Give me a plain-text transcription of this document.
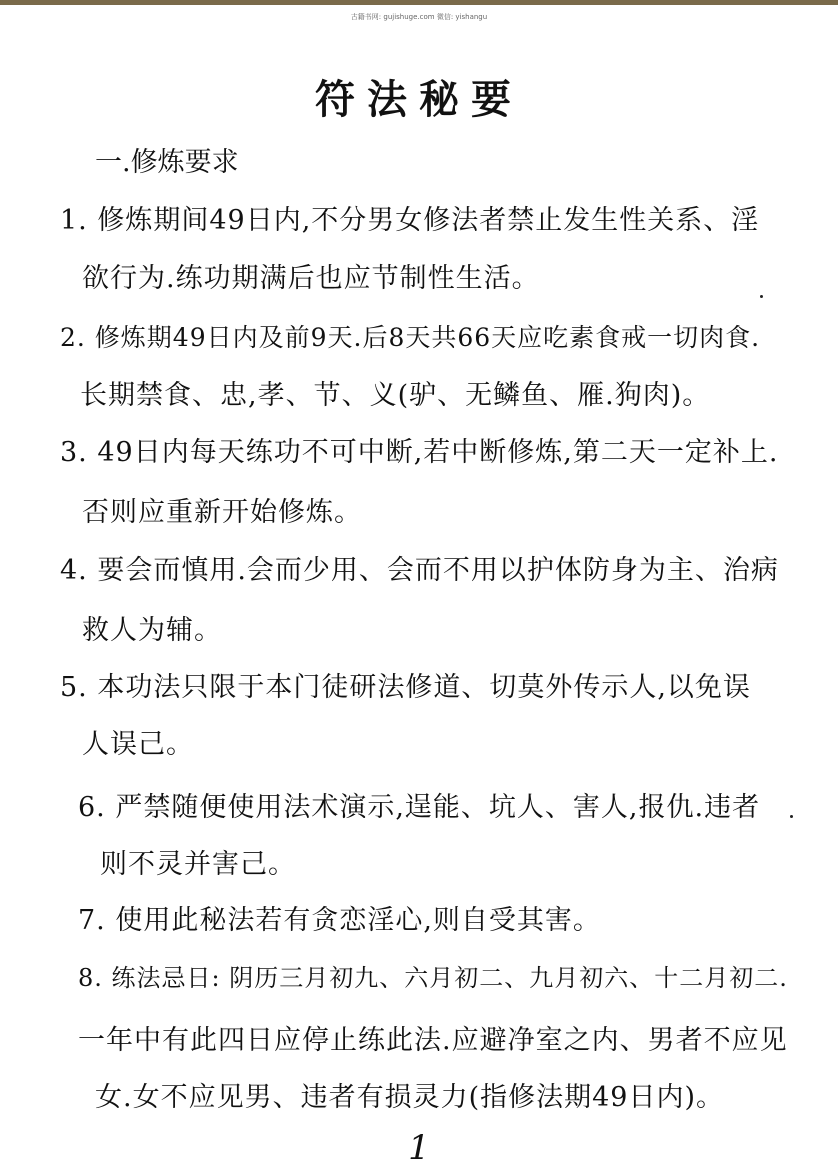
古籍书网: gujishuge.com 微信: yishangu
符法秘要
一.修炼要求
1. 修炼期间49日内,不分男女修法者禁止发生性关系、淫
欲行为.练功期满后也应节制性生活。
2. 修炼期49日内及前9天.后8天共66天应吃素食戒一切肉食.
长期禁食、忠,孝、节、义(驴、无鳞鱼、雁.狗肉)。
3. 49日内每天练功不可中断,若中断修炼,第二天一定补上.
否则应重新开始修炼。
4. 要会而慎用.会而少用、会而不用以护体防身为主、治病
救人为辅。
5. 本功法只限于本门徒研法修道、切莫外传示人,以免误
人误己。
6. 严禁随便使用法术演示,逞能、坑人、害人,报仇.违者
则不灵并害己。
7. 使用此秘法若有贪恋淫心,则自受其害。
8. 练法忌日: 阴历三月初九、六月初二、九月初六、十二月初二.
一年中有此四日应停止练此法.应避净室之内、男者不应见
女.女不应见男、违者有损灵力(指修法期49日内)。
1
